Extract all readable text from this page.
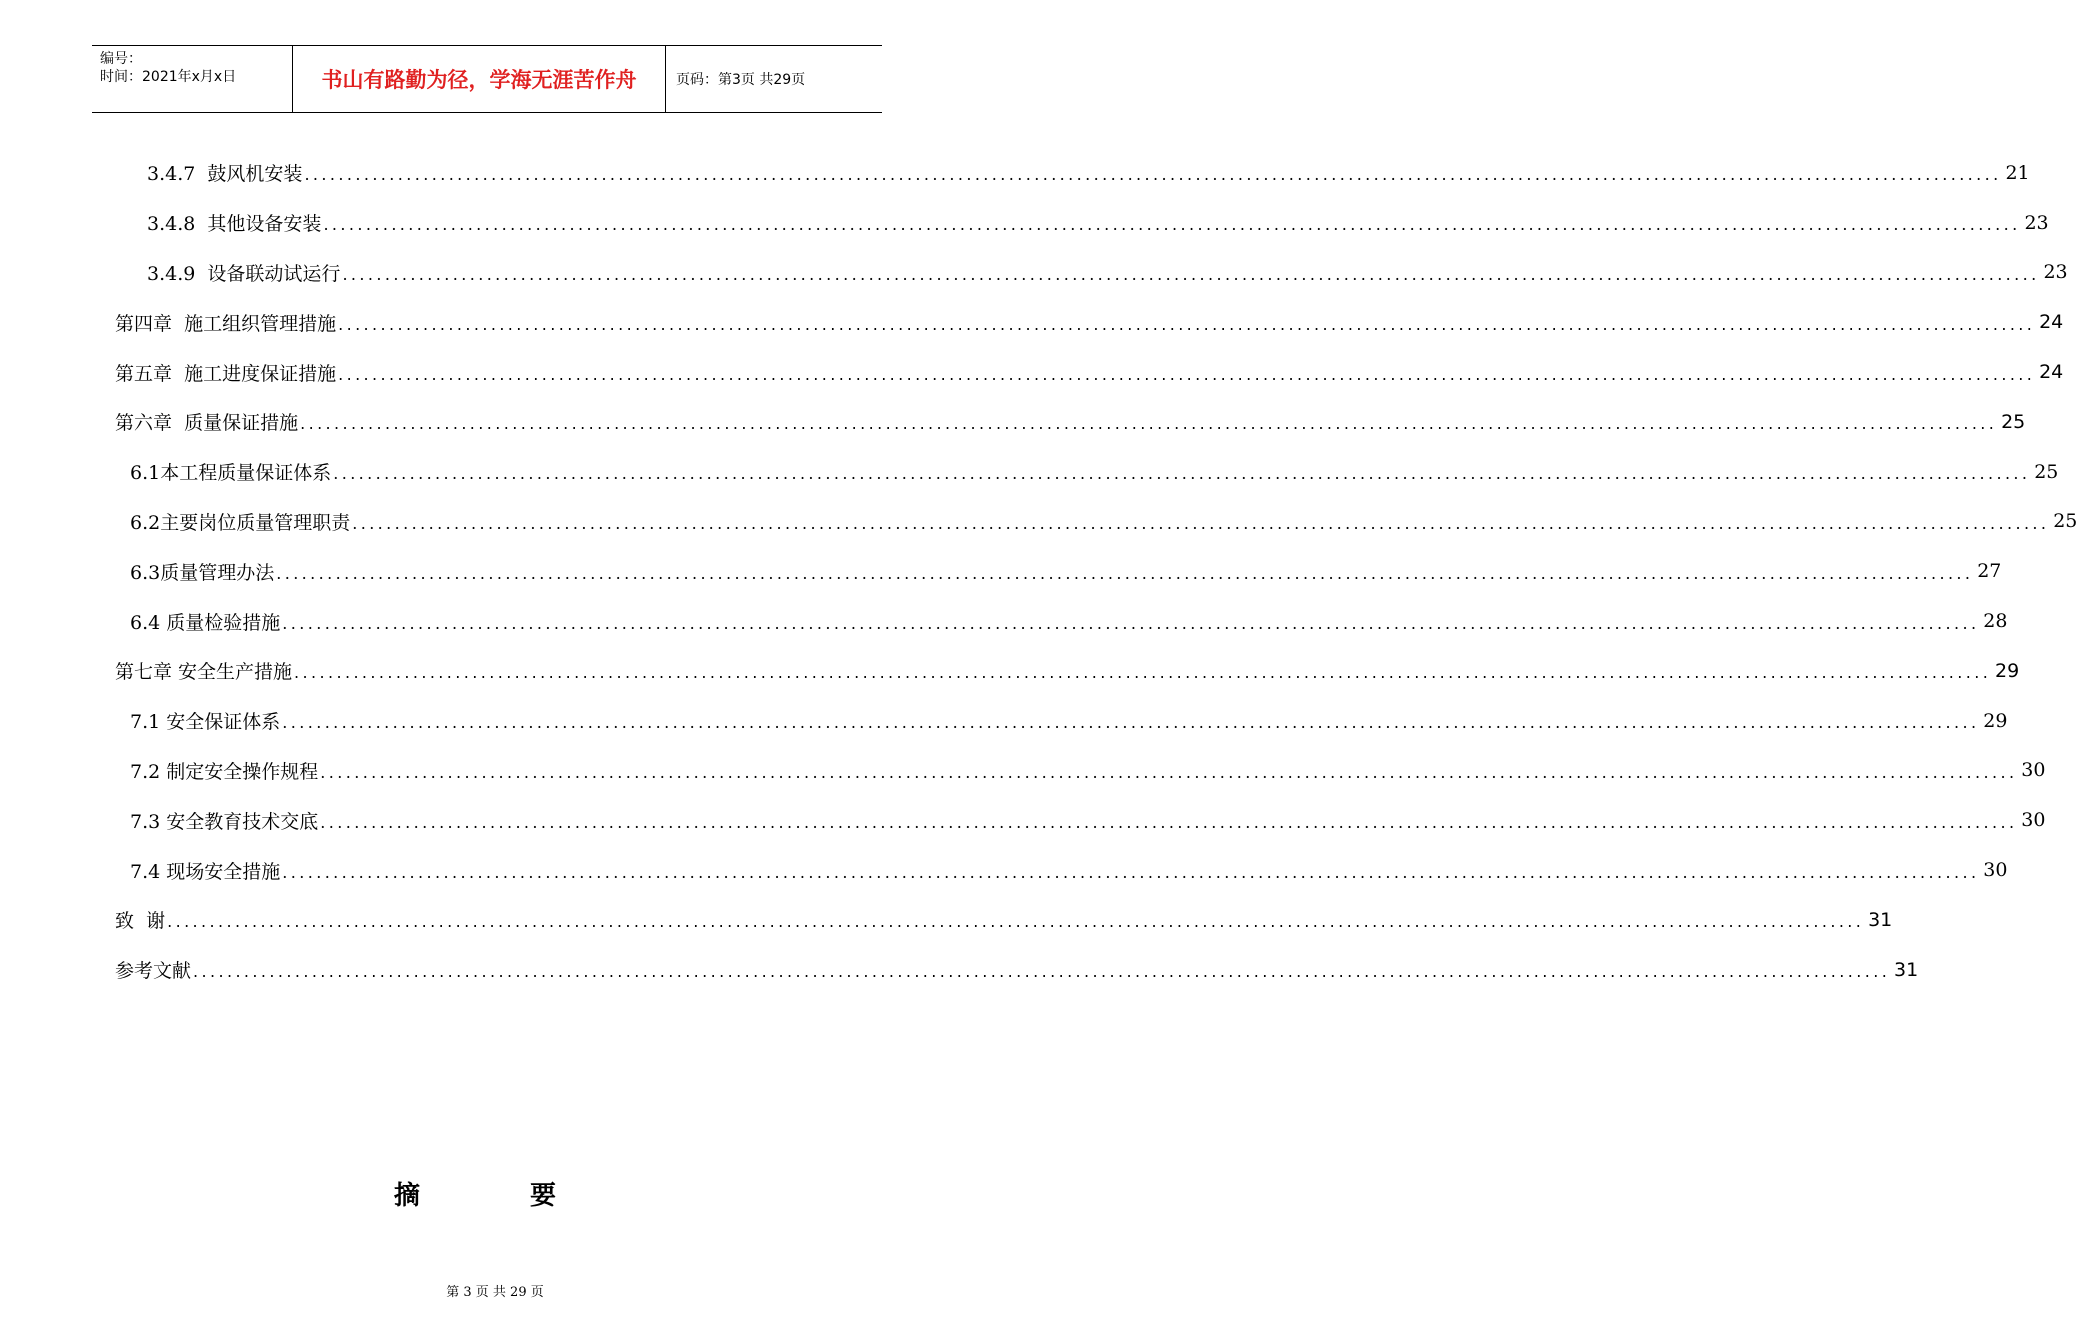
编号：
时间：2021年x月x日	书山有路勤为径，学海无涯苦作舟	页码：第3页 共29页
3.4.7  鼓风机安装 ........................................................................................................................................................................................................ 21
3.4.8  其他设备安装 ........................................................................................................................................................................................................ 23
3.4.9  设备联动试运行 ........................................................................................................................................................................................................ 23
第四章  施工组织管理措施 ........................................................................................................................................................................................................ 24
第五章  施工进度保证措施 ........................................................................................................................................................................................................ 24
第六章  质量保证措施 ........................................................................................................................................................................................................ 25
6.1本工程质量保证体系 ........................................................................................................................................................................................................ 25
6.2主要岗位质量管理职责 ........................................................................................................................................................................................................ 25
6.3质量管理办法 ........................................................................................................................................................................................................ 27
6.4 质量检验措施 ........................................................................................................................................................................................................ 28
第七章 安全生产措施 ........................................................................................................................................................................................................ 29
7.1 安全保证体系 ........................................................................................................................................................................................................ 29
7.2 制定安全操作规程 ........................................................................................................................................................................................................ 30
7.3 安全教育技术交底 ........................................................................................................................................................................................................ 30
7.4 现场安全措施 ........................................................................................................................................................................................................ 30
致  谢 ........................................................................................................................................................................................................ 31
参考文献 ........................................................................................................................................................................................................ 31
摘	要
第 3 页 共 29 页
